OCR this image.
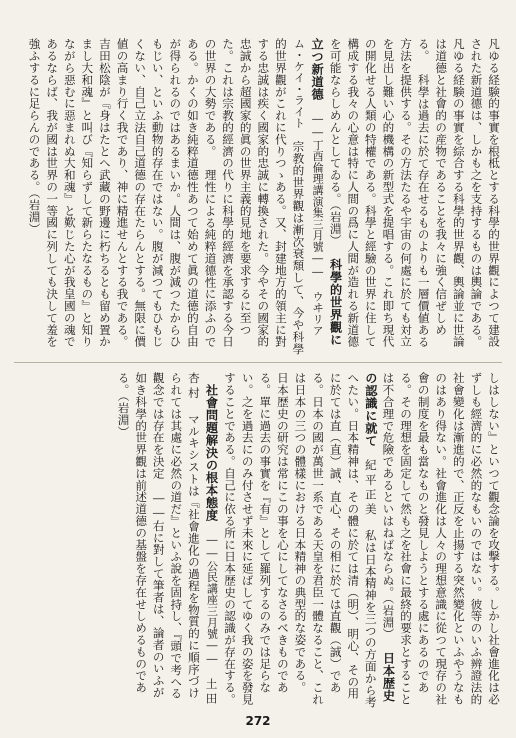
凡ゆる経験的事實を根柢とする科學的世界觀によつて建設された新道德は、しかも之を支持するものは輿論である。凡ゆる経験の事實を綜合する科學的世界觀、輿論並に世論は道德と社會的の産物であることを我々に強く信ぜしめる。　科學は過去に於て存在せるものよりも一層價値ある方法を提供する。その方法たるや宇宙の何處に於ても対立を見出し難い心的機構の新型式を提唱する。これ即ち現代の開化せる人類の特權である。科學と經驗の世界に住して構成する我々の心意は特に人間の爲に人間が造れる新道德を可能ならしめんとしてゐる。（岩淵）　科學的世界觀に立つ新道德　――丁酉倫理講演集三月號――　ウヰリアム・ケイ・ライト　宗教的世界觀は漸次衰頹して、今や科學的世界觀がこれに代りつゝある。又、封建地方的領主に對する忠誠は疾く國家的忠誠に轉換された。今やその國家的忠誠から超國家的眞の世界主義的見地を要求するに至つた。これは宗教的經濟の代りに科學的經濟を承認する今日の世界の大勢である。　理性による純粹道德性に添ふのである。かくの如き純粹道德性あつて始めて眞の道德的自由が得られるのではあるまいか。人間は、腹が減つたからひもじい、といふ動物的存在ではない。腹が減つてもひもじくない、自己立法自己道德の存在たらんとする。無限に價値の高まり行く我であり、神に精進せんとする我である。吉田松陰が『身はたとへ武藏の野邊に朽ちるとも留め置かまし大和魂』と叫び『知らずして新らたなるもの』と知りながら惡むに惡まれぬ大和魂』と歎じた心が我皇國の魂であるならば、我が國は世界の一等國に列しても決して羞を強ふするに足らんのである。（岩淵）　
しはしない』といつて觀念論を攻撃する。しかし社會進化は必ずしも經濟的に必然的なもいのではない。彼等のいふ辨證法的社會變化は漸進的で、正反を止揚する突然變化といふやうなものはあり得ない。社會進化は人々の理想意識に從つて現存の社會の制度を最も當なものと發見しようとする處にあるのである。その理想を固定して然も之を社會に最終的要求とすることは不合理で危險であるといはねばならぬ。（岩淵）　日本歴史の認識に就て　紀平正美　私は日本精神を三つの方面から考へたい。日本精神は、その體に於ては清（明）、明心、その用に於ては直（直）誠、直心、その相に於ては直觀（誠）である。日本の國が萬世一系である天皇を君臣一體なること、これは日本の三つの體樣における日本精神の典型的な姿である。　日本歴史の研究は常にこの事を心にしてなさるべきものである。單に過去の事實を『有』として羅列するのみでは足らない。之を過去にのみ付させず未來に延ばしてゆく我の姿を發見することである。自己に依る所に日本歴史の認識が存在する。　社會問題解決の根本態度　――公民講座三月號――　土田杏村　マルキシストは『社會進化の過程を物質的に順序づけられては其處に必然の道だ』といふ說を固持し、『頭で考へる觀念では存在を決定　――右に對して筆者は、論者のいふが如き科學的世界觀は前述道德の基盤を存在せしめるものである。（岩淵）　
272
